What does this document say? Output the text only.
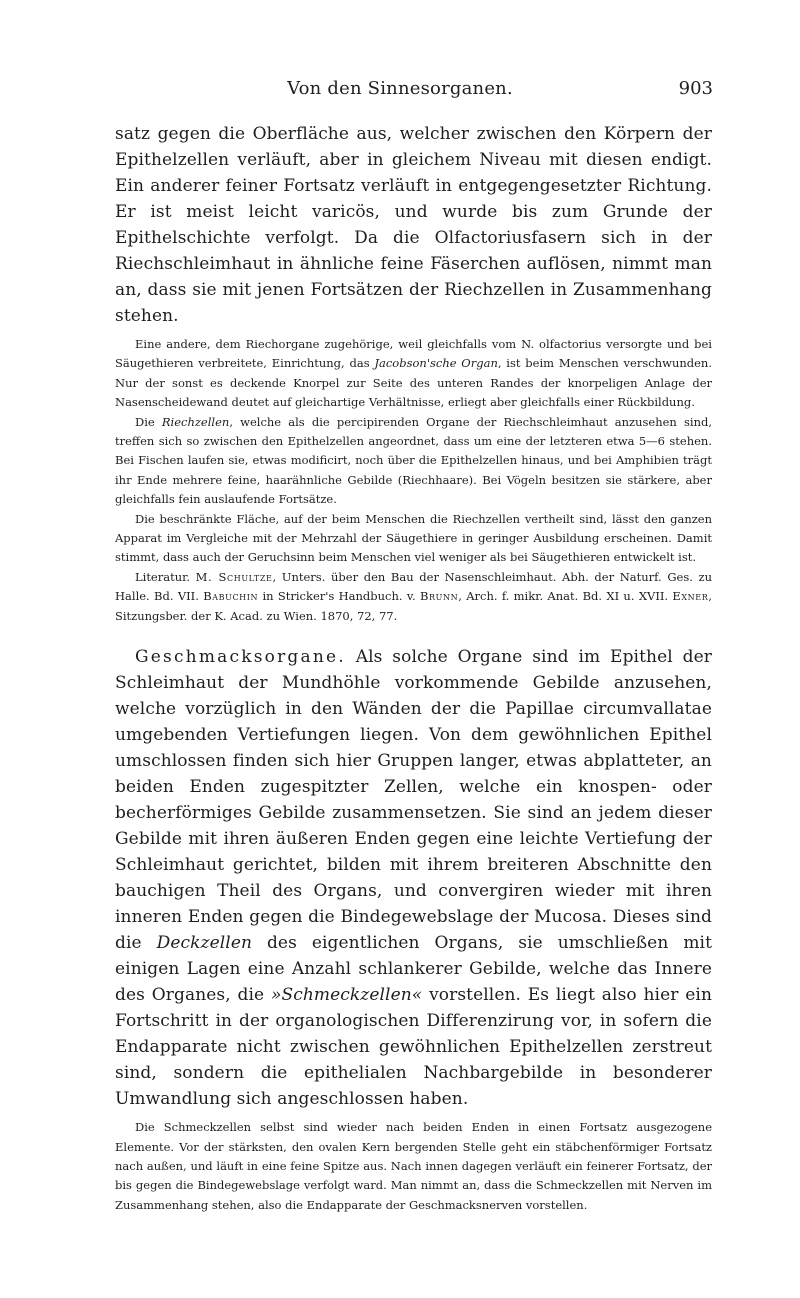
Von den Sinnesorganen.	903

satz gegen die Oberfläche aus, welcher zwischen den Körpern der Epithelzellen verläuft, aber in gleichem Niveau mit diesen endigt. Ein anderer feiner Fortsatz verläuft in entgegengesetzter Richtung. Er ist meist leicht varicös, und wurde bis zum Grunde der Epithelschichte verfolgt. Da die Olfactoriusfasern sich in der Riechschleimhaut in ähnliche feine Fäserchen auflösen, nimmt man an, dass sie mit jenen Fortsätzen der Riechzellen in Zusammenhang stehen.

Eine andere, dem Riechorgane zugehörige, weil gleichfalls vom N. olfactorius versorgte und bei Säugethieren verbreitete, Einrichtung, das Jacobson'sche Organ, ist beim Menschen verschwunden. Nur der sonst es deckende Knorpel zur Seite des unteren Randes der knorpeligen Anlage der Nasenscheidewand deutet auf gleichartige Verhältnisse, erliegt aber gleichfalls einer Rückbildung.

Die Riechzellen, welche als die percipirenden Organe der Riechschleimhaut anzusehen sind, treffen sich so zwischen den Epithelzellen angeordnet, dass um eine der letzteren etwa 5—6 stehen. Bei Fischen laufen sie, etwas modificirt, noch über die Epithelzellen hinaus, und bei Amphibien trägt ihr Ende mehrere feine, haarähnliche Gebilde (Riechhaare). Bei Vögeln besitzen sie stärkere, aber gleichfalls fein auslaufende Fortsätze.

Die beschränkte Fläche, auf der beim Menschen die Riechzellen vertheilt sind, lässt den ganzen Apparat im Vergleiche mit der Mehrzahl der Säugethiere in geringer Ausbildung erscheinen. Damit stimmt, dass auch der Geruchsinn beim Menschen viel weniger als bei Säugethieren entwickelt ist.

Literatur. M. Schultze, Unters. über den Bau der Nasenschleimhaut. Abh. der Naturf. Ges. zu Halle. Bd. VII. Babuchin in Stricker's Handbuch. v. Brunn, Arch. f. mikr. Anat. Bd. XI u. XVII. Exner, Sitzungsber. der K. Acad. zu Wien. 1870, 72, 77.

Geschmacksorgane. Als solche Organe sind im Epithel der Schleimhaut der Mundhöhle vorkommende Gebilde anzusehen, welche vorzüglich in den Wänden der die Papillae circumvallatae umgebenden Vertiefungen liegen. Von dem gewöhnlichen Epithel umschlossen finden sich hier Gruppen langer, etwas abplatteter, an beiden Enden zugespitzter Zellen, welche ein knospen- oder becherförmiges Gebilde zusammensetzen. Sie sind an jedem dieser Gebilde mit ihren äußeren Enden gegen eine leichte Vertiefung der Schleimhaut gerichtet, bilden mit ihrem breiteren Abschnitte den bauchigen Theil des Organs, und convergiren wieder mit ihren inneren Enden gegen die Bindegewebslage der Mucosa. Dieses sind die Deckzellen des eigentlichen Organs, sie umschließen mit einigen Lagen eine Anzahl schlankerer Gebilde, welche das Innere des Organes, die »Schmeckzellen« vorstellen. Es liegt also hier ein Fortschritt in der organologischen Differenzirung vor, in sofern die Endapparate nicht zwischen gewöhnlichen Epithelzellen zerstreut sind, sondern die epithelialen Nachbargebilde in besonderer Umwandlung sich angeschlossen haben.

Die Schmeckzellen selbst sind wieder nach beiden Enden in einen Fortsatz ausgezogene Elemente. Vor der stärksten, den ovalen Kern bergenden Stelle geht ein stäbchenförmiger Fortsatz nach außen, und läuft in eine feine Spitze aus. Nach innen dagegen verläuft ein feinerer Fortsatz, der bis gegen die Bindegewebslage verfolgt ward. Man nimmt an, dass die Schmeckzellen mit Nerven im Zusammenhang stehen, also die Endapparate der Geschmacksnerven vorstellen.
